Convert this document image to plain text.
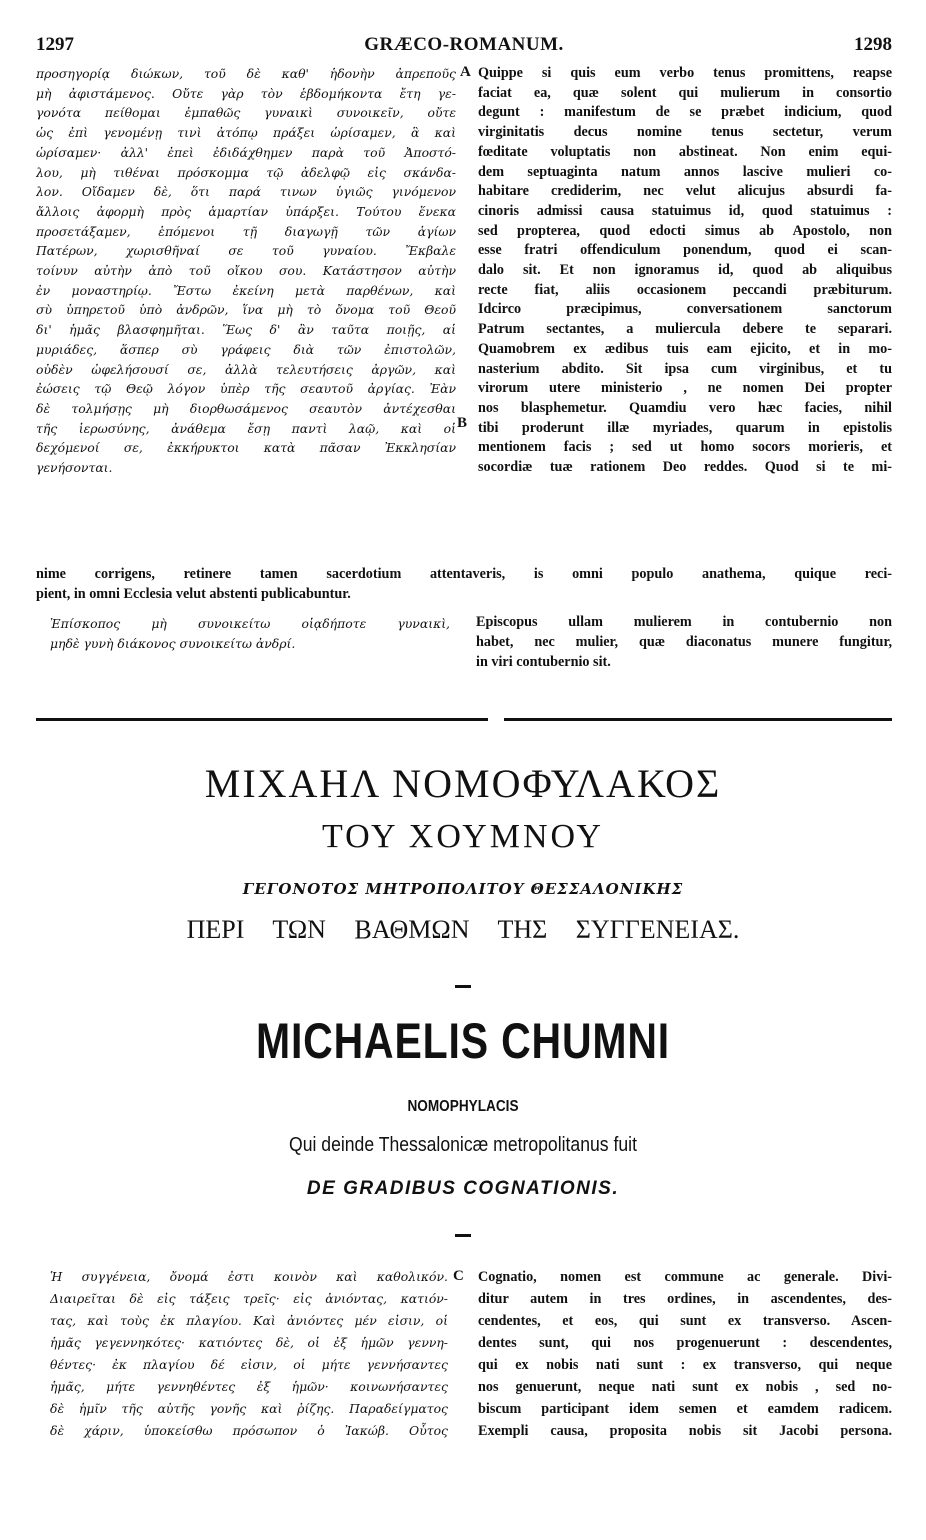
GRÆCO-ROMANUM.
1297	1298
προσηγορίᾳ διώκων, τοῦ δὲ καθ' ἡδονὴν ἀπρεποῦς
μὴ ἀφιστάμενος. Οὔτε γὰρ τὸν ἑβδομήκοντα ἔτη γε-
γονότα πείθομαι ἐμπαθῶς γυναικὶ συνοικεῖν, οὔτε
ὡς ἐπὶ γενομένῃ τινὶ ἀτόπῳ πράξει ὡρίσαμεν, ἃ καὶ
ὡρίσαμεν· ἀλλ' ἐπεὶ ἐδιδάχθημεν παρὰ τοῦ Ἀποστό-
λου, μὴ τιθέναι πρόσκομμα τῷ ἀδελφῷ εἰς σκάνδα-
λον. Οἴδαμεν δὲ, ὅτι παρά τινων ὑγιῶς γινόμενον
ἄλλοις ἀφορμὴ πρὸς ἁμαρτίαν ὑπάρξει. Τούτου ἕνεκα
προσετάξαμεν, ἑπόμενοι τῇ διαγωγῇ τῶν ἁγίων
Πατέρων, χωρισθῆναί σε τοῦ γυναίου. Ἔκβαλε
τοίνυν αὐτὴν ἀπὸ τοῦ οἴκου σου. Κατάστησον αὐτὴν
ἐν μοναστηρίῳ. Ἔστω ἐκείνη μετὰ παρθένων, καὶ
σὺ ὑπηρετοῦ ὑπὸ ἀνδρῶν, ἵνα μὴ τὸ ὄνομα τοῦ Θεοῦ
δι' ἡμᾶς βλασφημῆται. Ἕως δ' ἂν ταῦτα ποιῇς, αἱ
μυριάδες, ἅσπερ σὺ γράφεις διὰ τῶν ἐπιστολῶν,
οὐδὲν ὠφελήσουσί σε, ἀλλὰ τελευτήσεις ἀργῶν, καὶ
ἐώσεις τῷ Θεῷ λόγον ὑπὲρ τῆς σεαυτοῦ ἀργίας. Ἐὰν
δὲ τολμήσῃς μὴ διορθωσάμενος σεαυτὸν ἀντέχεσθαι
τῆς ἱερωσύνης, ἀνάθεμα ἔσῃ παντὶ λαῷ, καὶ οἱ
δεχόμενοί σε, ἐκκήρυκτοι κατὰ πᾶσαν Ἐκκλησίαν
γενήσονται.
A
B
Quippe si quis eum verbo tenus promittens, reapse
faciat ea, quæ solent qui mulierum in consortio
degunt : manifestum de se præbet indicium, quod
virginitatis decus nomine tenus sectetur, verum
fœditate voluptatis non abstineat. Non enim equi-
dem septuaginta natum annos lascive mulieri co-
habitare crediderim, nec velut alicujus absurdi fa-
cinoris admissi causa statuimus id, quod statuimus :
sed propterea, quod edocti simus ab Apostolo, non
esse fratri offendiculum ponendum, quod ei scan-
dalo sit. Et non ignoramus id, quod ab aliquibus
recte fiat, aliis occasionem peccandi præbiturum.
Idcirco præcipimus, conversationem sanctorum
Patrum sectantes, a muliercula debere te separari.
Quamobrem ex ædibus tuis eam ejicito, et in mo-
nasterium abdito. Sit ipsa cum virginibus, et tu
virorum utere ministerio , ne nomen Dei propter
nos blasphemetur. Quamdiu vero hæc facies, nihil
tibi proderunt illæ myriades, quarum in epistolis
mentionem facis ; sed ut homo socors morieris, et
socordiæ tuæ rationem Deo reddes. Quod si te mi-
nime corrigens, retinere tamen sacerdotium attentaveris, is omni populo anathema, quique reci-
pient, in omni Ecclesia velut abstenti publicabuntur.
Ἐπίσκοπος μὴ συνοικείτω οἱᾳδήποτε γυναικὶ,
μηδὲ γυνὴ διάκονος συνοικείτω ἀνδρί.
Episcopus ullam mulierem in contubernio non
habet, nec mulier, quæ diaconatus munere fungitur,
in viri contubernio sit.
ΜΙΧΑΗΛ ΝΟΜΟΦΥΛΑΚΟΣ
ΤΟΥ ΧΟΥΜΝΟΥ
ΓΕΓΟΝΟΤΟΣ ΜΗΤΡΟΠΟΛΙΤΟΥ ΘΕΣΣΑΛΟΝΙΚΗΣ
ΠΕΡΙ ΤΩΝ ΒΑΘΜΩΝ ΤΗΣ ΣΥΓΓΕΝΕΙΑΣ.
MICHAELIS CHUMNI
NOMOPHYLACIS
Qui deinde Thessalonicæ metropolitanus fuit
DE GRADIBUS COGNATIONIS.
Ἡ συγγένεια, ὄνομά ἐστι κοινὸν καὶ καθολικόν.
Διαιρεῖται δὲ εἰς τάξεις τρεῖς· εἰς ἀνιόντας, κατιόν-
τας, καὶ τοὺς ἐκ πλαγίου. Καὶ ἀνιόντες μέν εἰσιν, οἱ
ἡμᾶς γεγεννηκότες· κατιόντες δὲ, οἱ ἐξ ἡμῶν γεννη-
θέντες· ἐκ πλαγίου δέ εἰσιν, οἱ μήτε γεννήσαντες
ἡμᾶς, μήτε γεννηθέντες ἐξ ἡμῶν· κοινωνήσαντες
δὲ ἡμῖν τῆς αὐτῆς γονῆς καὶ ῥίζης. Παραδείγματος
δὲ χάριν, ὑποκείσθω πρόσωπον ὁ Ἰακώβ. Οὗτος
C Cognatio, nomen est commune ac generale. Divi-
ditur autem in tres ordines, in ascendentes, des-
cendentes, et eos, qui sunt ex transverso. Ascen-
dentes sunt, qui nos progenuerunt : descendentes,
qui ex nobis nati sunt : ex transverso, qui neque
nos genuerunt, neque nati sunt ex nobis , sed no-
biscum participant idem semen et eamdem radicem.
Exempli causa, proposita nobis sit Jacobi persona.
